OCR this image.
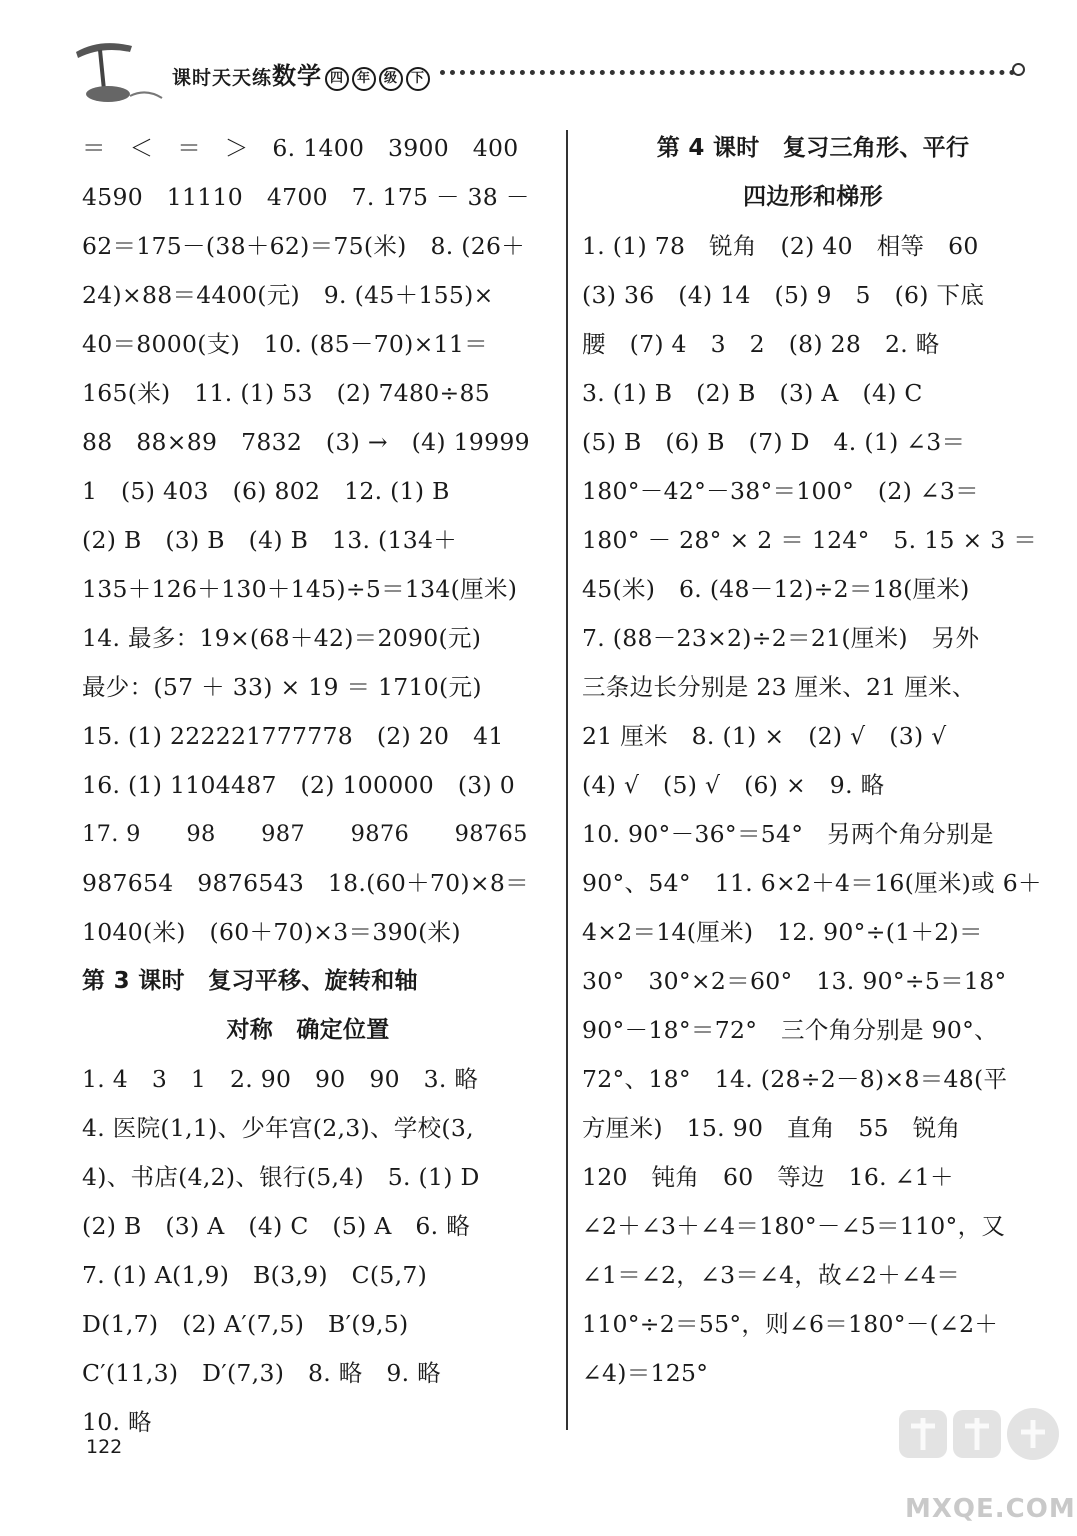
课时天天练数学 四 年 级 下
＝　＜　＝　＞　6. 1400　3900　400
4590　11110　4700　7. 175 － 38 －
62＝175－(38＋62)＝75(米)　8. (26＋
24)×88＝4400(元)　9. (45＋155)×
40＝8000(支)　10. (85－70)×11＝
165(米)　11. (1) 53　(2) 7480÷85
88　88×89　7832　(3) →　(4) 19999
1　(5) 403　(6) 802　12. (1) B
(2) B　(3) B　(4) B　13. (134＋
135＋126＋130＋145)÷5＝134(厘米)
14. 最多：19×(68＋42)＝2090(元)
最少：(57 ＋ 33) × 19 ＝ 1710(元)
15. (1) 222221777778　(2) 20　41
16. (1) 1104487　(2) 100000　(3) 0
17. 9　　98　　987　　9876　　98765
987654　9876543　18.(60＋70)×8＝
1040(米)　(60＋70)×3＝390(米)
第 3 课时　复习平移、旋转和轴
对称　确定位置
1. 4　3　1　2. 90　90　90　3. 略
4. 医院(1,1)、少年宫(2,3)、学校(3,
4)、书店(4,2)、银行(5,4)　5. (1) D
(2) B　(3) A　(4) C　(5) A　6. 略
7. (1) A(1,9)　B(3,9)　C(5,7)
D(1,7)　(2) A′(7,5)　B′(9,5)
C′(11,3)　D′(7,3)　8. 略　9. 略
10. 略
第 4 课时　复习三角形、平行
四边形和梯形
1. (1) 78　锐角　(2) 40　相等　60
(3) 36　(4) 14　(5) 9　5　(6) 下底
腰　(7) 4　3　2　(8) 28　2. 略
3. (1) B　(2) B　(3) A　(4) C
(5) B　(6) B　(7) D　4. (1) ∠3＝
180°－42°－38°＝100°　(2) ∠3＝
180° － 28° × 2 ＝ 124°　5. 15 × 3 ＝
45(米)　6. (48－12)÷2＝18(厘米)
7. (88－23×2)÷2＝21(厘米)　另外
三条边长分别是 23 厘米、21 厘米、
21 厘米　8. (1) ×　(2) √　(3) √
(4) √　(5) √　(6) ×　9. 略
10. 90°－36°＝54°　另两个角分别是
90°、54°　11. 6×2＋4＝16(厘米)或 6＋
4×2＝14(厘米)　12. 90°÷(1＋2)＝
30°　30°×2＝60°　13. 90°÷5＝18°
90°－18°＝72°　三个角分别是 90°、
72°、18°　14. (28÷2－8)×8＝48(平
方厘米)　15. 90　直角　55　锐角
120　钝角　60　等边　16. ∠1＋
∠2＋∠3＋∠4＝180°－∠5＝110°，又
∠1＝∠2，∠3＝∠4，故∠2＋∠4＝
110°÷2＝55°，则∠6＝180°－(∠2＋
∠4)＝125°
122
MXQE.COM
